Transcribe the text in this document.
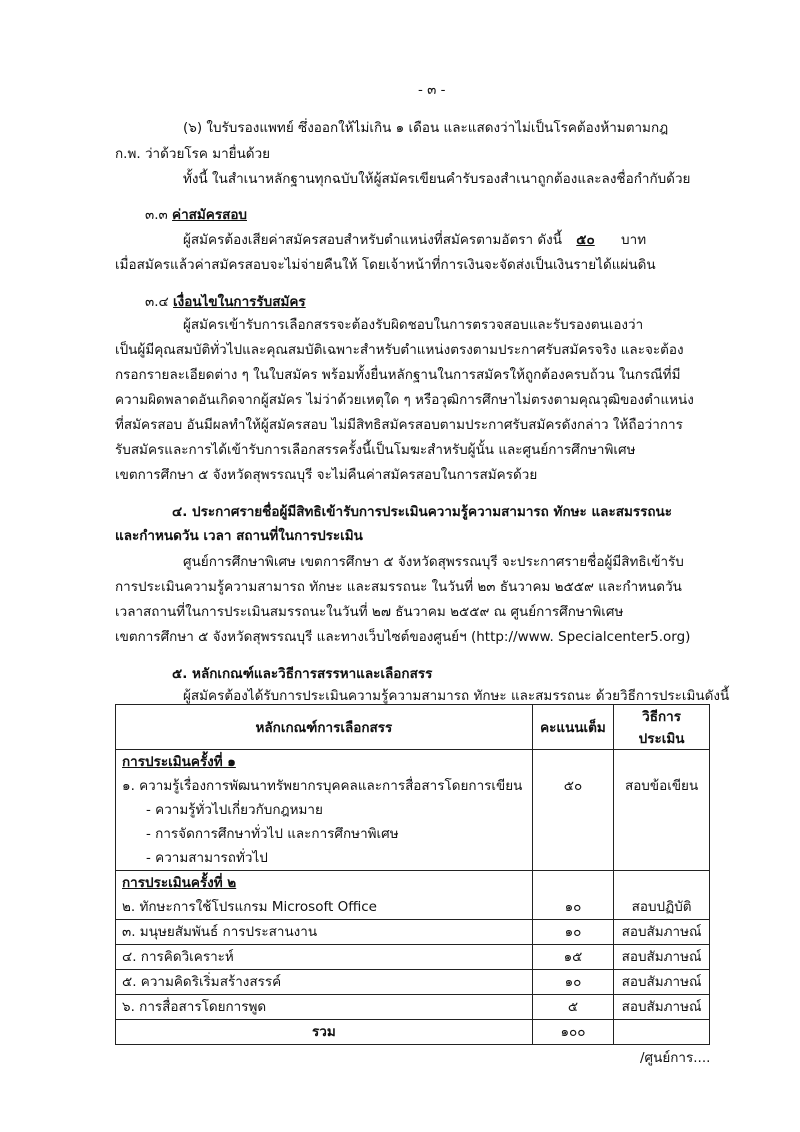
- ๓ -
(๖) ใบรับรองแพทย์ ซึ่งออกให้ไม่เกิน ๑ เดือน และแสดงว่าไม่เป็นโรคต้องห้ามตามกฎ
ก.พ. ว่าด้วยโรค มายื่นด้วย
ทั้งนี้ ในสำเนาหลักฐานทุกฉบับให้ผู้สมัครเขียนคำรับรองสำเนาถูกต้องและลงชื่อกำกับด้วย
๓.๓ ค่าสมัครสอบ
ผู้สมัครต้องเสียค่าสมัครสอบสำหรับตำแหน่งที่สมัครตามอัตรา ดังนี้ ๕๐ บาท
เมื่อสมัครแล้วค่าสมัครสอบจะไม่จ่ายคืนให้ โดยเจ้าหน้าที่การเงินจะจัดส่งเป็นเงินรายได้แผ่นดิน
๓.๔ เงื่อนไขในการรับสมัคร
ผู้สมัครเข้ารับการเลือกสรรจะต้องรับผิดชอบในการตรวจสอบและรับรองตนเองว่า
เป็นผู้มีคุณสมบัติทั่วไปและคุณสมบัติเฉพาะสำหรับตำแหน่งตรงตามประกาศรับสมัครจริง และจะต้อง
กรอกรายละเอียดต่าง ๆ ในใบสมัคร พร้อมทั้งยื่นหลักฐานในการสมัครให้ถูกต้องครบถ้วน ในกรณีที่มี
ความผิดพลาดอันเกิดจากผู้สมัคร ไม่ว่าด้วยเหตุใด ๆ หรือวุฒิการศึกษาไม่ตรงตามคุณวุฒิของตำแหน่ง
ที่สมัครสอบ อันมีผลทำให้ผู้สมัครสอบ ไม่มีสิทธิสมัครสอบตามประกาศรับสมัครดังกล่าว ให้ถือว่าการ
รับสมัครและการได้เข้ารับการเลือกสรรครั้งนี้เป็นโมฆะสำหรับผู้นั้น และศูนย์การศึกษาพิเศษ
เขตการศึกษา ๕ จังหวัดสุพรรณบุรี จะไม่คืนค่าสมัครสอบในการสมัครด้วย
๔. ประกาศรายชื่อผู้มีสิทธิเข้ารับการประเมินความรู้ความสามารถ ทักษะ และสมรรถนะ
และกำหนดวัน เวลา สถานที่ในการประเมิน
ศูนย์การศึกษาพิเศษ เขตการศึกษา ๕ จังหวัดสุพรรณบุรี จะประกาศรายชื่อผู้มีสิทธิเข้ารับ
การประเมินความรู้ความสามารถ ทักษะ และสมรรถนะ ในวันที่ ๒๓ ธันวาคม ๒๕๕๙ และกำหนดวัน
เวลาสถานที่ในการประเมินสมรรถนะในวันที่ ๒๗ ธันวาคม ๒๕๕๙ ณ ศูนย์การศึกษาพิเศษ
เขตการศึกษา ๕ จังหวัดสุพรรณบุรี และทางเว็บไซต์ของศูนย์ฯ (http://www. Specialcenter5.org)
๕. หลักเกณฑ์และวิธีการสรรหาและเลือกสรร
ผู้สมัครต้องได้รับการประเมินความรู้ความสามารถ ทักษะ และสมรรถนะ ด้วยวิธีการประเมินดังนี้
หลักเกณฑ์การเลือกสรร	คะแนนเต็ม	วิธีการประเมิน

การประเมินครั้งที่ ๑
๑. ความรู้เรื่องการพัฒนาทรัพยากรบุคคลและการสื่อสารโดยการเขียน
- ความรู้ทั่วไปเกี่ยวกับกฎหมาย
- การจัดการศึกษาทั่วไป และการศึกษาพิเศษ
- ความสามารถทั่วไป	๕๐	สอบข้อเขียน

การประเมินครั้งที่ ๒
๒. ทักษะการใช้โปรแกรม Microsoft Office	๑๐	สอบปฏิบัติ

๓. มนุษยสัมพันธ์ การประสานงาน	๑๐	สอบสัมภาษณ์

๔. การคิดวิเคราะห์	๑๕	สอบสัมภาษณ์

๕. ความคิดริเริ่มสร้างสรรค์	๑๐	สอบสัมภาษณ์

๖. การสื่อสารโดยการพูด	๕	สอบสัมภาษณ์

รวม	๑๐๐	

/ศูนย์การ....
